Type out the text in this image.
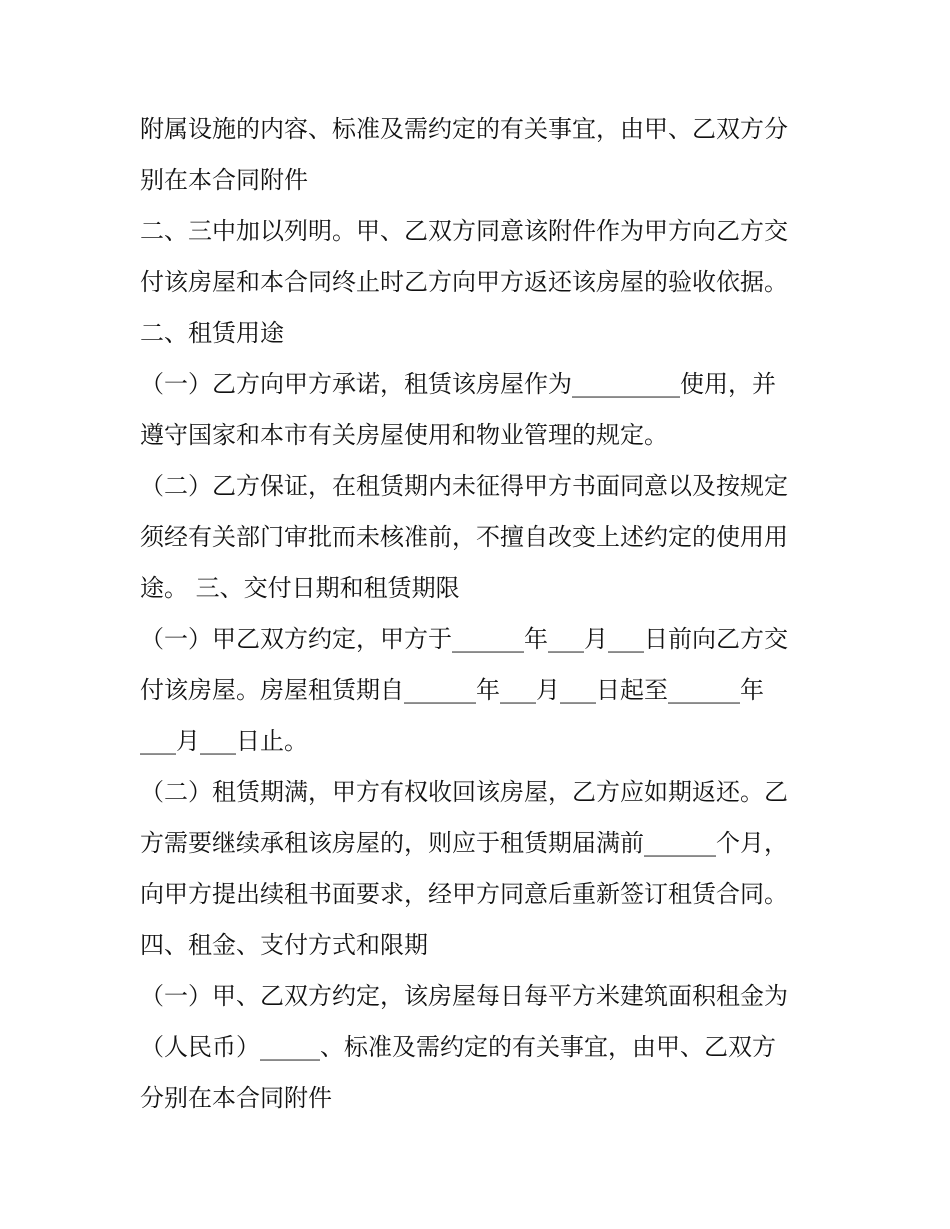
附属设施的内容、标准及需约定的有关事宜，由甲、乙双方分
别在本合同附件
二、三中加以列明。甲、乙双方同意该附件作为甲方向乙方交
付该房屋和本合同终止时乙方向甲方返还该房屋的验收依据。
二、租赁用途
（一）乙方向甲方承诺，租赁该房屋作为_________使用，并
遵守国家和本市有关房屋使用和物业管理的规定。
（二）乙方保证，在租赁期内未征得甲方书面同意以及按规定
须经有关部门审批而未核准前，不擅自改变上述约定的使用用
途。 三、交付日期和租赁期限
（一）甲乙双方约定，甲方于______年___月___日前向乙方交
付该房屋。房屋租赁期自______年___月___日起至______年
___月___日止。
（二）租赁期满，甲方有权收回该房屋，乙方应如期返还。乙
方需要继续承租该房屋的，则应于租赁期届满前______个月，
向甲方提出续租书面要求，经甲方同意后重新签订租赁合同。
四、租金、支付方式和限期
（一）甲、乙双方约定，该房屋每日每平方米建筑面积租金为
（人民币）_____、标准及需约定的有关事宜，由甲、乙双方
分别在本合同附件
